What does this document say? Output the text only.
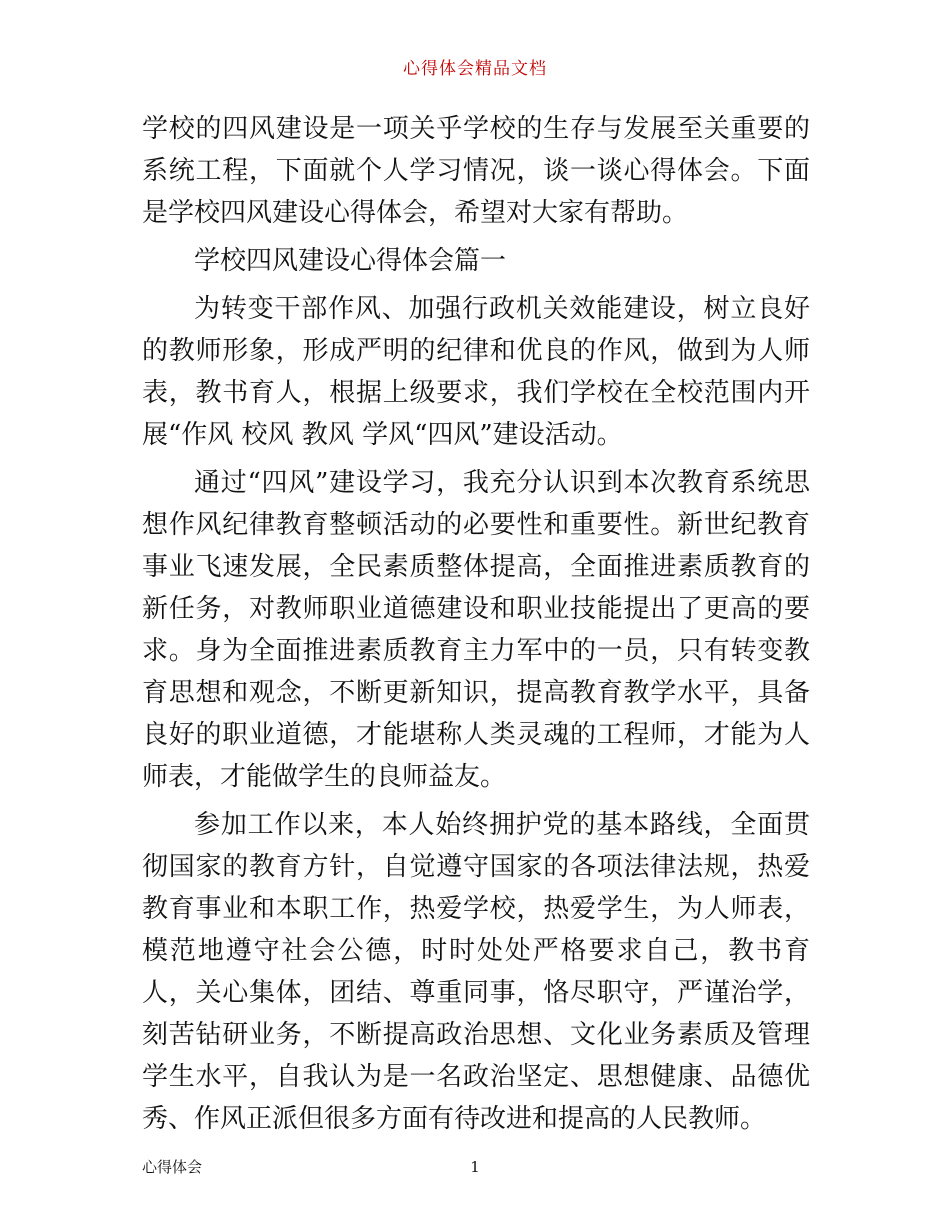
心得体会精品文档

学校的四风建设是一项关乎学校的生存与发展至关重要的系统工程，下面就个人学习情况，谈一谈心得体会。下面是学校四风建设心得体会，希望对大家有帮助。

学校四风建设心得体会篇一

为转变干部作风、加强行政机关效能建设，树立良好的教师形象，形成严明的纪律和优良的作风，做到为人师表，教书育人，根据上级要求，我们学校在全校范围内开展“作风 校风 教风 学风“四风”建设活动。

通过“四风”建设学习，我充分认识到本次教育系统思想作风纪律教育整顿活动的必要性和重要性。新世纪教育事业飞速发展，全民素质整体提高，全面推进素质教育的新任务，对教师职业道德建设和职业技能提出了更高的要求。身为全面推进素质教育主力军中的一员，只有转变教育思想和观念，不断更新知识，提高教育教学水平，具备良好的职业道德，才能堪称人类灵魂的工程师，才能为人师表，才能做学生的良师益友。

参加工作以来，本人始终拥护党的基本路线，全面贯彻国家的教育方针，自觉遵守国家的各项法律法规，热爱教育事业和本职工作，热爱学校，热爱学生，为人师表，模范地遵守社会公德，时时处处严格要求自己，教书育人，关心集体，团结、尊重同事，恪尽职守，严谨治学，刻苦钻研业务，不断提高政治思想、文化业务素质及管理学生水平，自我认为是一名政治坚定、思想健康、品德优秀、作风正派但很多方面有待改进和提高的人民教师。

心得体会	1
